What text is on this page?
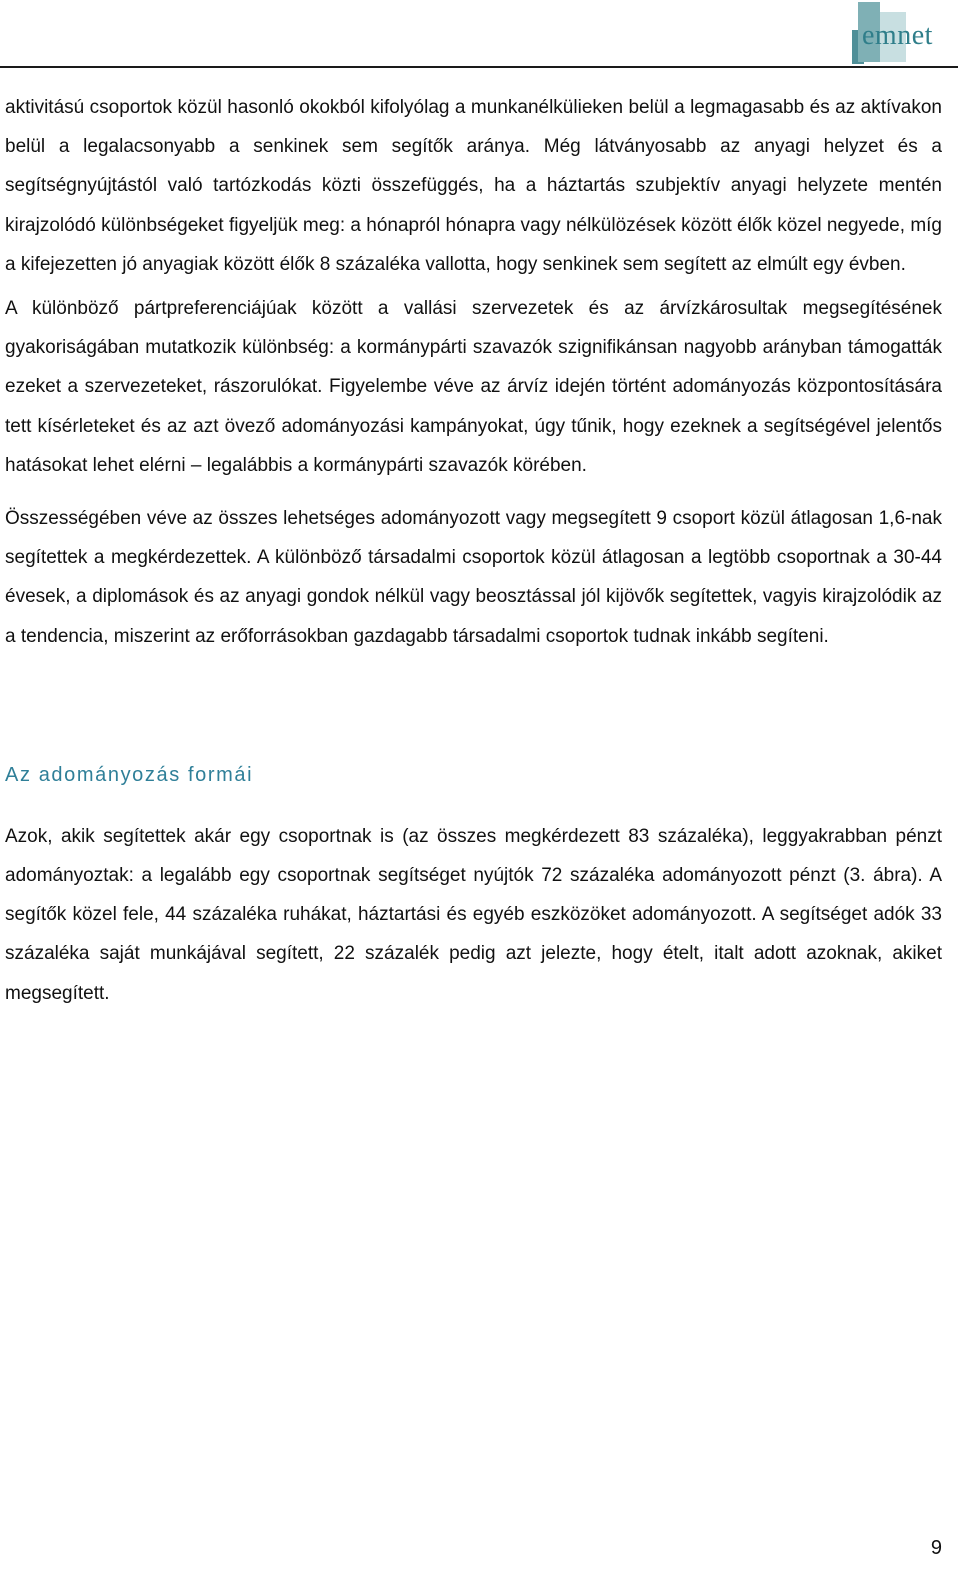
emnet

aktivitású csoportok közül hasonló okokból kifolyólag a munkanélkülieken belül a legmagasabb és az aktívakon belül a legalacsonyabb a senkinek sem segítők aránya. Még látványosabb az anyagi helyzet és a segítségnyújtástól való tartózkodás közti összefüggés, ha a háztartás szubjektív anyagi helyzete mentén kirajzolódó különbségeket figyeljük meg: a hónapról hónapra vagy nélkülözések között élők közel negyede, míg a kifejezetten jó anyagiak között élők 8 százaléka vallotta, hogy senkinek sem segített az elmúlt egy évben.

A különböző pártpreferenciájúak között a vallási szervezetek és az árvízkárosultak megsegítésének gyakoriságában mutatkozik különbség: a kormánypárti szavazók szignifikánsan nagyobb arányban támogatták ezeket a szervezeteket, rászorulókat. Figyelembe véve az árvíz idején történt adományozás központosítására tett kísérleteket és az azt övező adományozási kampányokat, úgy tűnik, hogy ezeknek a segítségével jelentős hatásokat lehet elérni – legalábbis a kormánypárti szavazók körében.

Összességében véve az összes lehetséges adományozott vagy megsegített 9 csoport közül átlagosan 1,6-nak segítettek a megkérdezettek. A különböző társadalmi csoportok közül átlagosan a legtöbb csoportnak a 30-44 évesek, a diplomások és az anyagi gondok nélkül vagy beosztással jól kijövők segítettek, vagyis kirajzolódik az a tendencia, miszerint az erőforrásokban gazdagabb társadalmi csoportok tudnak inkább segíteni.

Az adományozás formái

Azok, akik segítettek akár egy csoportnak is (az összes megkérdezett 83 százaléka), leggyakrabban pénzt adományoztak: a legalább egy csoportnak segítséget nyújtók 72 százaléka adományozott pénzt (3. ábra). A segítők közel fele, 44 százaléka ruhákat, háztartási és egyéb eszközöket adományozott. A segítséget adók 33 százaléka saját munkájával segített, 22 százalék pedig azt jelezte, hogy ételt, italt adott azoknak, akiket megsegített.

9
